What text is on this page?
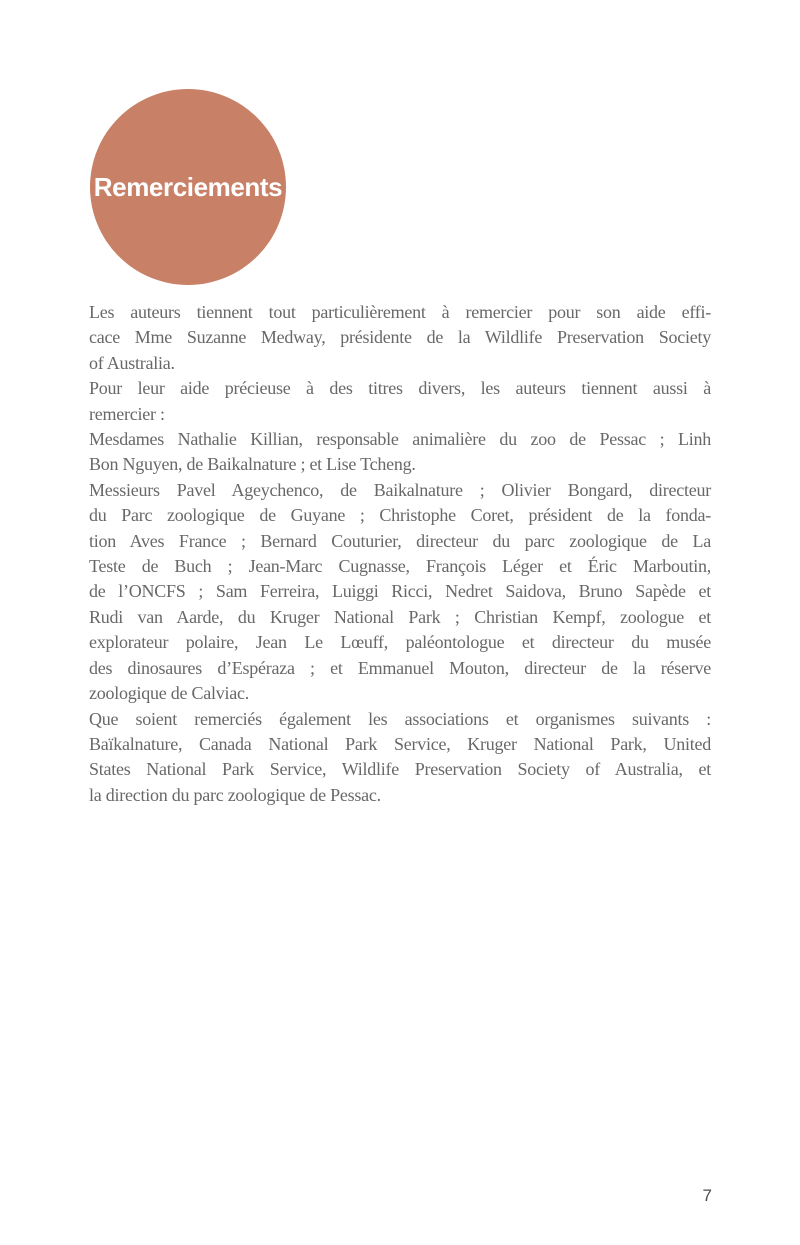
Remerciements
Les auteurs tiennent tout particulièrement à remercier pour son aide effi-
cace Mme Suzanne Medway, présidente de la Wildlife Preservation Society
of Australia.
Pour leur aide précieuse à des titres divers, les auteurs tiennent aussi à
remercier :
Mesdames Nathalie Killian, responsable animalière du zoo de Pessac ; Linh
Bon Nguyen, de Baikalnature ; et Lise Tcheng.
Messieurs Pavel Ageychenco, de Baikalnature ; Olivier Bongard, directeur
du Parc zoologique de Guyane ; Christophe Coret, président de la fonda-
tion Aves France ; Bernard Couturier, directeur du parc zoologique de La
Teste de Buch ; Jean-Marc Cugnasse, François Léger et Éric Marboutin,
de l’ONCFS ; Sam Ferreira, Luiggi Ricci, Nedret Saidova, Bruno Sapède et
Rudi van Aarde, du Kruger National Park ; Christian Kempf, zoologue et
explorateur polaire, Jean Le Lœuff, paléontologue et directeur du musée
des dinosaures d’Espéraza ; et Emmanuel Mouton, directeur de la réserve
zoologique de Calviac.
Que soient remerciés également les associations et organismes suivants :
Baïkalnature, Canada National Park Service, Kruger National Park, United
States National Park Service, Wildlife Preservation Society of Australia, et
la direction du parc zoologique de Pessac.
7
